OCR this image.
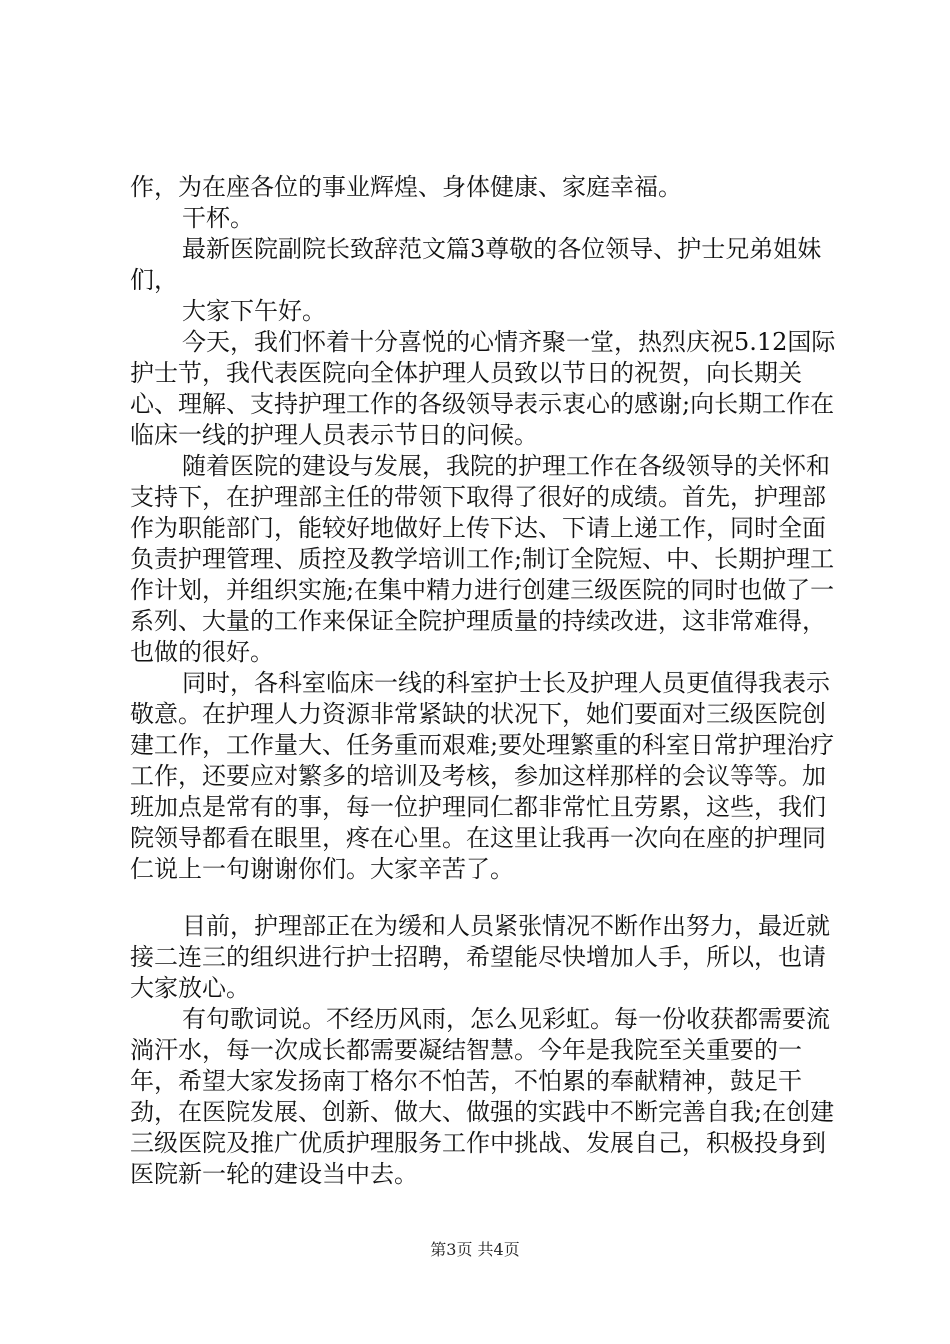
作，为在座各位的事业辉煌、身体健康、家庭幸福。

干杯。

最新医院副院长致辞范文篇3尊敬的各位领导、护士兄弟姐妹们，

大家下午好。

今天，我们怀着十分喜悦的心情齐聚一堂，热烈庆祝5.12国际护士节，我代表医院向全体护理人员致以节日的祝贺，向长期关心、理解、支持护理工作的各级领导表示衷心的感谢;向长期工作在临床一线的护理人员表示节日的问候。

随着医院的建设与发展，我院的护理工作在各级领导的关怀和支持下，在护理部主任的带领下取得了很好的成绩。首先，护理部作为职能部门，能较好地做好上传下达、下请上递工作，同时全面负责护理管理、质控及教学培训工作;制订全院短、中、长期护理工作计划，并组织实施;在集中精力进行创建三级医院的同时也做了一系列、大量的工作来保证全院护理质量的持续改进，这非常难得，也做的很好。

同时，各科室临床一线的科室护士长及护理人员更值得我表示敬意。在护理人力资源非常紧缺的状况下，她们要面对三级医院创建工作，工作量大、任务重而艰难;要处理繁重的科室日常护理治疗工作，还要应对繁多的培训及考核，参加这样那样的会议等等。加班加点是常有的事，每一位护理同仁都非常忙且劳累，这些，我们院领导都看在眼里，疼在心里。在这里让我再一次向在座的护理同仁说上一句谢谢你们。大家辛苦了。

目前，护理部正在为缓和人员紧张情况不断作出努力，最近就接二连三的组织进行护士招聘，希望能尽快增加人手，所以，也请大家放心。

有句歌词说。不经历风雨，怎么见彩虹。每一份收获都需要流淌汗水，每一次成长都需要凝结智慧。今年是我院至关重要的一年，希望大家发扬南丁格尔不怕苦，不怕累的奉献精神，鼓足干劲，在医院发展、创新、做大、做强的实践中不断完善自我;在创建三级医院及推广优质护理服务工作中挑战、发展自己，积极投身到医院新一轮的建设当中去。

第3页 共4页
